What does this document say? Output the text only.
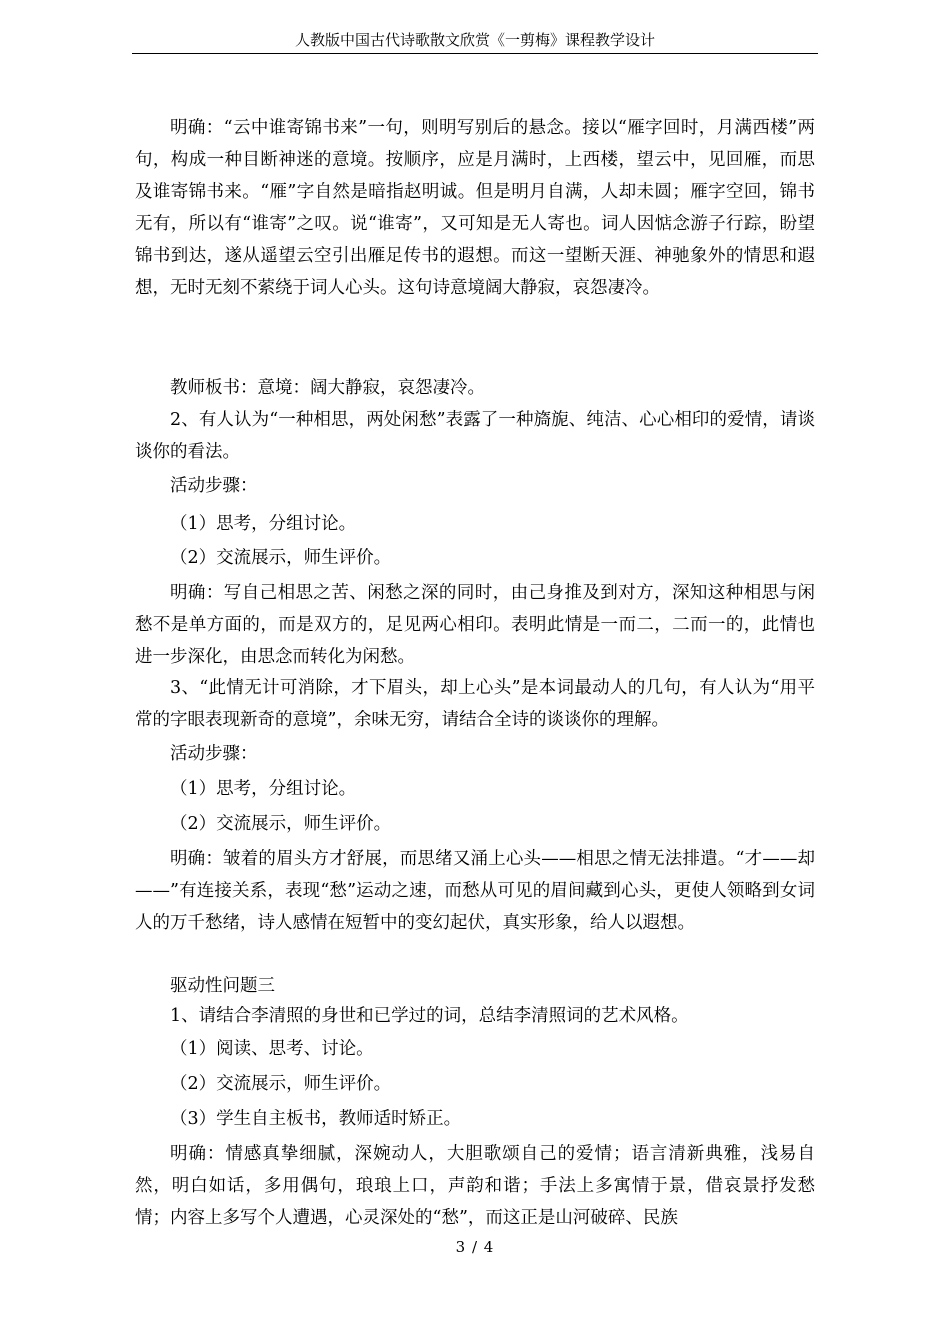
人教版中国古代诗歌散文欣赏《一剪梅》课程教学设计

明确：“云中谁寄锦书来”一句，则明写别后的悬念。接以“雁字回时，月满西楼”两句，构成一种目断神迷的意境。按顺序，应是月满时，上西楼，望云中，见回雁，而思及谁寄锦书来。“雁”字自然是暗指赵明诚。但是明月自满，人却未圆；雁字空回，锦书无有，所以有“谁寄”之叹。说“谁寄”，又可知是无人寄也。词人因惦念游子行踪，盼望锦书到达，遂从遥望云空引出雁足传书的遐想。而这一望断天涯、神驰象外的情思和遐想，无时无刻不萦绕于词人心头。这句诗意境阔大静寂，哀怨凄冷。

教师板书：意境：阔大静寂，哀怨凄冷。

2、有人认为“一种相思，两处闲愁”表露了一种旖旎、纯洁、心心相印的爱情，请谈谈你的看法。

活动步骤：

（1）思考，分组讨论。

（2）交流展示，师生评价。

明确：写自己相思之苦、闲愁之深的同时，由己身推及到对方，深知这种相思与闲愁不是单方面的，而是双方的，足见两心相印。表明此情是一而二，二而一的，此情也进一步深化，由思念而转化为闲愁。

3、“此情无计可消除，才下眉头，却上心头”是本词最动人的几句，有人认为“用平常的字眼表现新奇的意境”，余味无穷，请结合全诗的谈谈你的理解。

活动步骤：

（1）思考，分组讨论。

（2）交流展示，师生评价。

明确：皱着的眉头方才舒展，而思绪又涌上心头——相思之情无法排遣。“才——却——”有连接关系，表现“愁”运动之速，而愁从可见的眉间藏到心头，更使人领略到女词人的万千愁绪，诗人感情在短暂中的变幻起伏，真实形象，给人以遐想。

驱动性问题三

1、请结合李清照的身世和已学过的词，总结李清照词的艺术风格。

（1）阅读、思考、讨论。

（2）交流展示，师生评价。

（3）学生自主板书，教师适时矫正。

明确：情感真挚细腻，深婉动人，大胆歌颂自己的爱情；语言清新典雅，浅易自然，明白如话，多用偶句，琅琅上口，声韵和谐；手法上多寓情于景，借哀景抒发愁情；内容上多写个人遭遇，心灵深处的“愁”，而这正是山河破碎、民族

3 / 4
